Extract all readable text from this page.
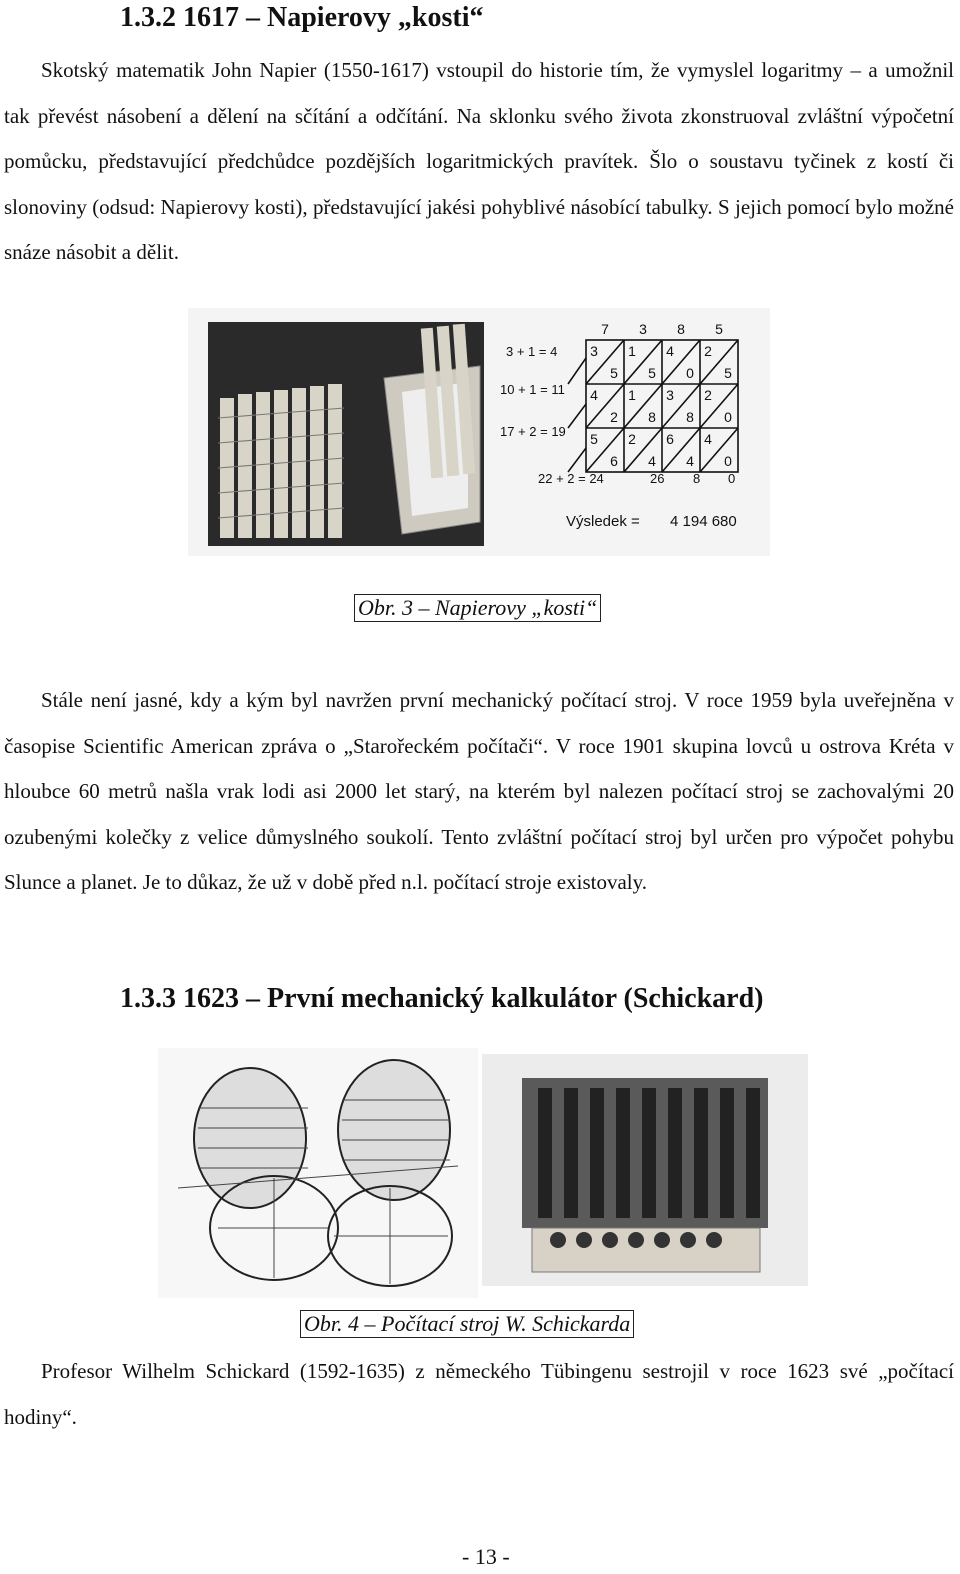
1.3.2 1617 – Napierovy „kosti“
Skotský matematik John Napier (1550-1617) vstoupil do historie tím, že vymyslel logaritmy – a umožnil tak převést násobení a dělení na sčítání a odčítání. Na sklonku svého života zkonstruoval zvláštní výpočetní pomůcku, představující předchůdce pozdějších logaritmických pravítek. Šlo o soustavu tyčinek z kostí či slonoviny (odsud: Napierovy kosti), představující jakési pohyblivé násobící tabulky. S jejich pomocí bylo možné snáze násobit a dělit.
7 3 8 5
3 1 4 2
5 5 0 5
4 1 3 2
2 8 8 0
5 2 6 4
6 4 4 0
3 + 1 = 4
10 + 1 = 11
17 + 2 = 19
22 + 2 = 24	26 8 0
Výsledek = 4 194 680
Obr. 3 – Napierovy „kosti“
Stále není jasné, kdy a kým byl navržen první mechanický počítací stroj. V roce 1959 byla uveřejněna v časopise Scientific American zpráva o „Starořeckém počítači“. V roce 1901 skupina lovců u ostrova Kréta v hloubce 60 metrů našla vrak lodi asi 2000 let starý, na kterém byl nalezen počítací stroj se zachovalými 20 ozubenými kolečky z velice důmyslného soukolí. Tento zvláštní počítací stroj byl určen pro výpočet pohybu Slunce a planet. Je to důkaz, že už v době před n.l. počítací stroje existovaly.
1.3.3 1623 – První mechanický kalkulátor (Schickard)
Obr. 4 – Počítací stroj W. Schickarda
Profesor Wilhelm Schickard (1592-1635) z německého Tübingenu sestrojil v roce 1623 své „počítací hodiny“.
- 13 -
